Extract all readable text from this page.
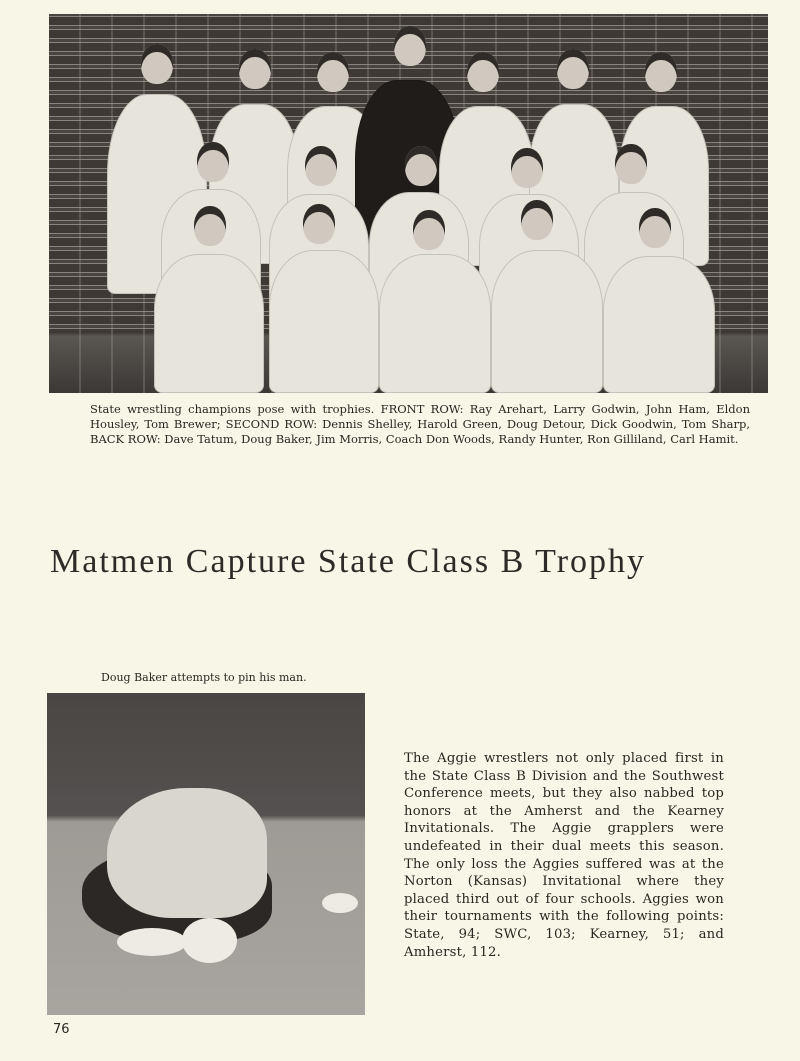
State wrestling champions pose with trophies. FRONT ROW: Ray Arehart, Larry Godwin, John Ham, Eldon Housley, Tom Brewer; SECOND ROW: Dennis Shelley, Harold Green, Doug Detour, Dick Goodwin, Tom Sharp, BACK ROW: Dave Tatum, Doug Baker, Jim Morris, Coach Don Woods, Randy Hunter, Ron Gilliland, Carl Hamit.
Matmen Capture State Class B Trophy
Doug Baker attempts to pin his man.
The Aggie wrestlers not only placed first in the State Class B Division and the Southwest Conference meets, but they also nabbed top honors at the Amherst and the Kearney Invitationals. The Aggie grapplers were undefeated in their dual meets this season. The only loss the Aggies suffered was at the Norton (Kansas) Invitational where they placed third out of four schools. Aggies won their tournaments with the following points: State, 94; SWC, 103; Kearney, 51; and Amherst, 112.
76
